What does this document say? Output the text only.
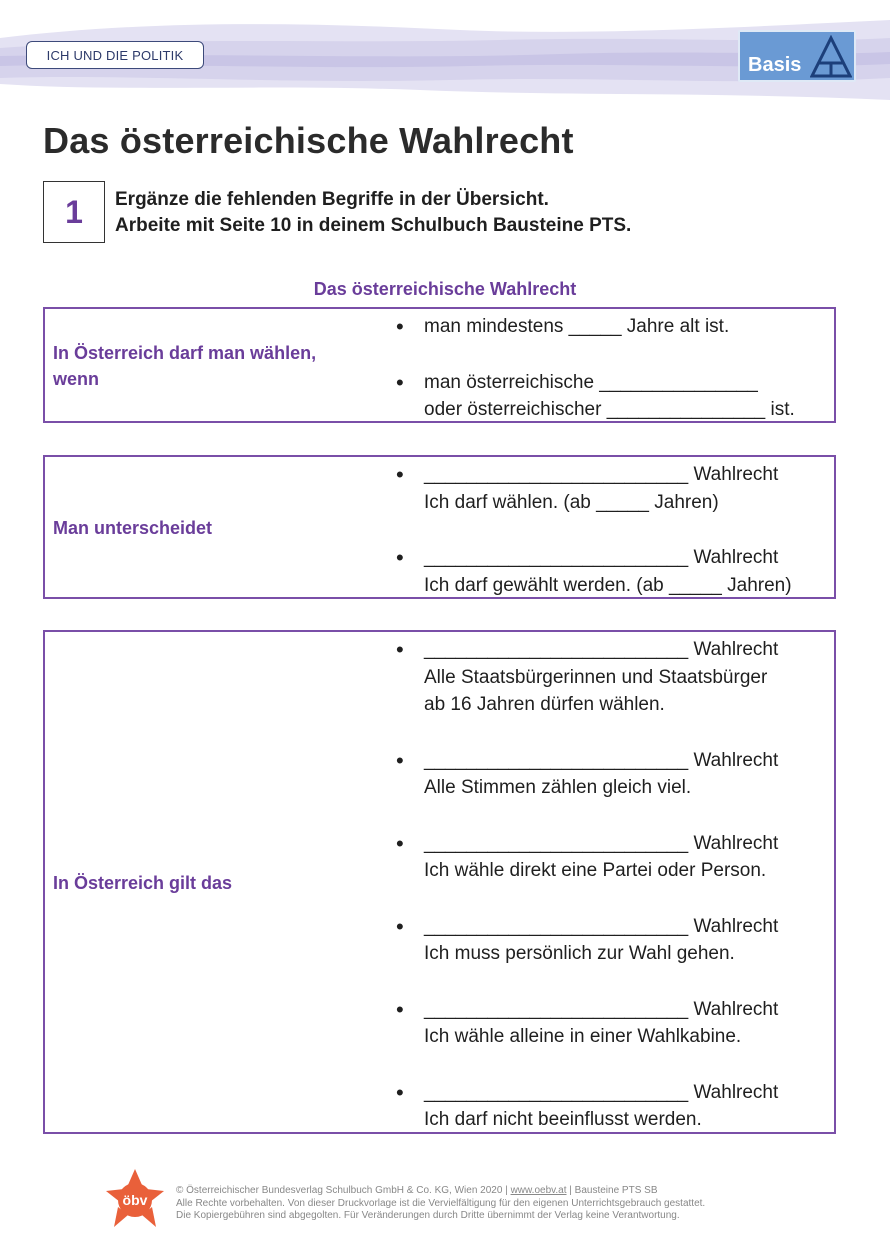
ICH UND DIE POLITIK	Basis
Das österreichische Wahlrecht
1	Ergänze die fehlenden Begriffe in der Übersicht.
Arbeite mit Seite 10 in deinem Schulbuch Bausteine PTS.
Das österreichische Wahlrecht
In Österreich darf man wählen,
wenn
• man mindestens _____ Jahre alt ist.
• man österreichische _______________
oder österreichischer _______________ ist.
Man unterscheidet
• _________________________ Wahlrecht
Ich darf wählen. (ab _____ Jahren)
• _________________________ Wahlrecht
Ich darf gewählt werden. (ab _____ Jahren)
In Österreich gilt das
• _________________________ Wahlrecht
Alle Staatsbürgerinnen und Staatsbürger
ab 16 Jahren dürfen wählen.
• _________________________ Wahlrecht
Alle Stimmen zählen gleich viel.
• _________________________ Wahlrecht
Ich wähle direkt eine Partei oder Person.
• _________________________ Wahlrecht
Ich muss persönlich zur Wahl gehen.
• _________________________ Wahlrecht
Ich wähle alleine in einer Wahlkabine.
• _________________________ Wahlrecht
Ich darf nicht beeinflusst werden.
öbv
© Österreichischer Bundesverlag Schulbuch GmbH & Co. KG, Wien 2020 | www.oebv.at | Bausteine PTS SB
Alle Rechte vorbehalten. Von dieser Druckvorlage ist die Vervielfältigung für den eigenen Unterrichtsgebrauch gestattet.
Die Kopiergebühren sind abgegolten. Für Veränderungen durch Dritte übernimmt der Verlag keine Verantwortung.
